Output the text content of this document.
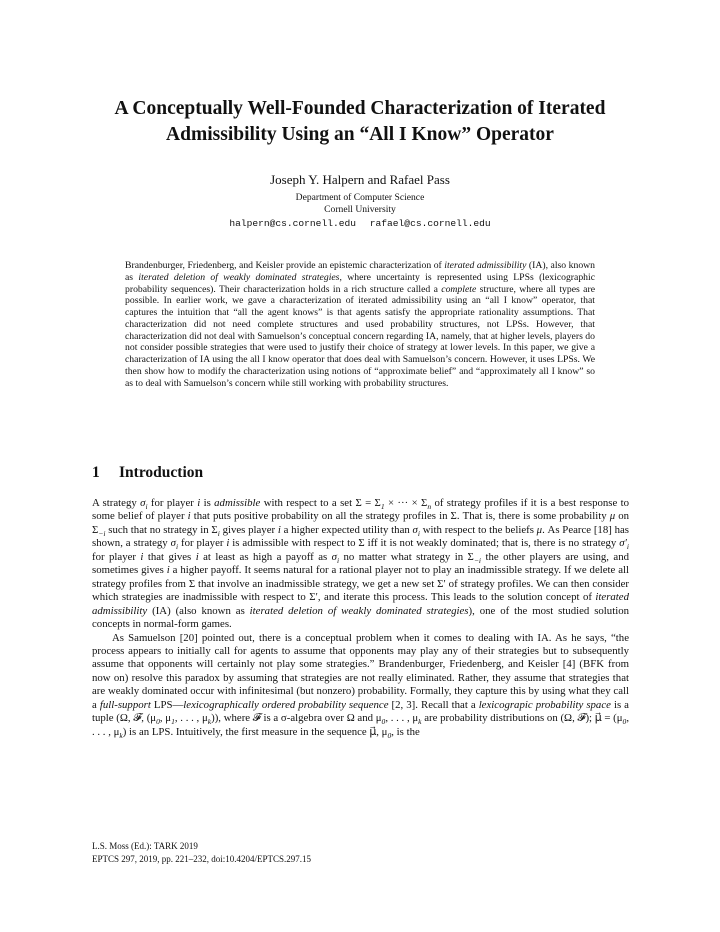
A Conceptually Well-Founded Characterization of Iterated
Admissibility Using an “All I Know” Operator
Joseph Y. Halpern and Rafael Pass
Department of Computer Science
Cornell University
halpern@cs.cornell.edu rafael@cs.cornell.edu

Brandenburger, Friedenberg, and Keisler provide an epistemic characterization of iterated admissibility (IA), also known as iterated deletion of weakly dominated strategies, where uncertainty is represented using LPSs (lexicographic probability sequences). Their characterization holds in a rich structure called a complete structure, where all types are possible. In earlier work, we gave a characterization of iterated admissibility using an “all I know” operator, that captures the intuition that “all the agent knows” is that agents satisfy the appropriate rationality assumptions. That characterization did not need complete structures and used probability structures, not LPSs. However, that characterization did not deal with Samuelson’s conceptual concern regarding IA, namely, that at higher levels, players do not consider possible strategies that were used to justify their choice of strategy at lower levels. In this paper, we give a characterization of IA using the all I know operator that does deal with Samuelson’s concern. However, it uses LPSs. We then show how to modify the characterization using notions of “approximate belief” and “approximately all I know” so as to deal with Samuelson’s concern while still working with probability structures.

1 Introduction

A strategy $\sigma_i$ for player i is admissible with respect to a set $\Sigma = \Sigma_1$ × ··· × $\Sigma_n$ of strategy profiles if it is a best response to some belief of player i that puts positive probability on all the strategy profiles in Σ. That is, there is some probability μ on $\Sigma_{-i}$ such that no strategy in $\Sigma_i$ gives player i a higher expected utility than $\sigma_i$ with respect to the beliefs μ. As Pearce [18] has shown, a strategy $\sigma_i$ for player i is admissible with respect to Σ iff it is not weakly dominated; that is, there is no strategy $\sigma'_i$ for player i that gives i at least as high a payoff as $\sigma_i$ no matter what strategy in $\Sigma_{-i}$ the other players are using, and sometimes gives i a higher payoff. It seems natural for a rational player not to play an inadmissible strategy. If we delete all strategy profiles from Σ that involve an inadmissible strategy, we get a new set Σ′ of strategy profiles. We can then consider which strategies are inadmissible with respect to Σ′, and iterate this process. This leads to the solution concept of iterated admissibility (IA) (also known as iterated deletion of weakly dominated strategies), one of the most studied solution concepts in normal-form games.

As Samuelson [20] pointed out, there is a conceptual problem when it comes to dealing with IA. As he says, “the process appears to initially call for agents to assume that opponents may play any of their strategies but to subsequently assume that opponents will certainly not play some strategies.” Brandenburger, Friedenberg, and Keisler [4] (BFK from now on) resolve this paradox by assuming that strategies are not really eliminated. Rather, they assume that strategies that are weakly dominated occur with infinitesimal (but nonzero) probability. Formally, they capture this by using what they call a full-support LPS—lexicographically ordered probability sequence [2, 3]. Recall that a lexicograpic probability space is a tuple (Ω, 𝓕, ($\mu_0$, $\mu_1$, . . . , $\mu_k$)), where 𝓕 is a σ-algebra over Ω and $\mu_0$, . . . , $\mu_k$ are probability distributions on (Ω, 𝓕); μ⃗ = ($\mu_0$, . . . , $\mu_k$) is an LPS. Intuitively, the first measure in the sequence μ⃗, $\mu_0$, is the

L.S. Moss (Ed.): TARK 2019
EPTCS 297, 2019, pp. 221–232, doi:10.4204/EPTCS.297.15
